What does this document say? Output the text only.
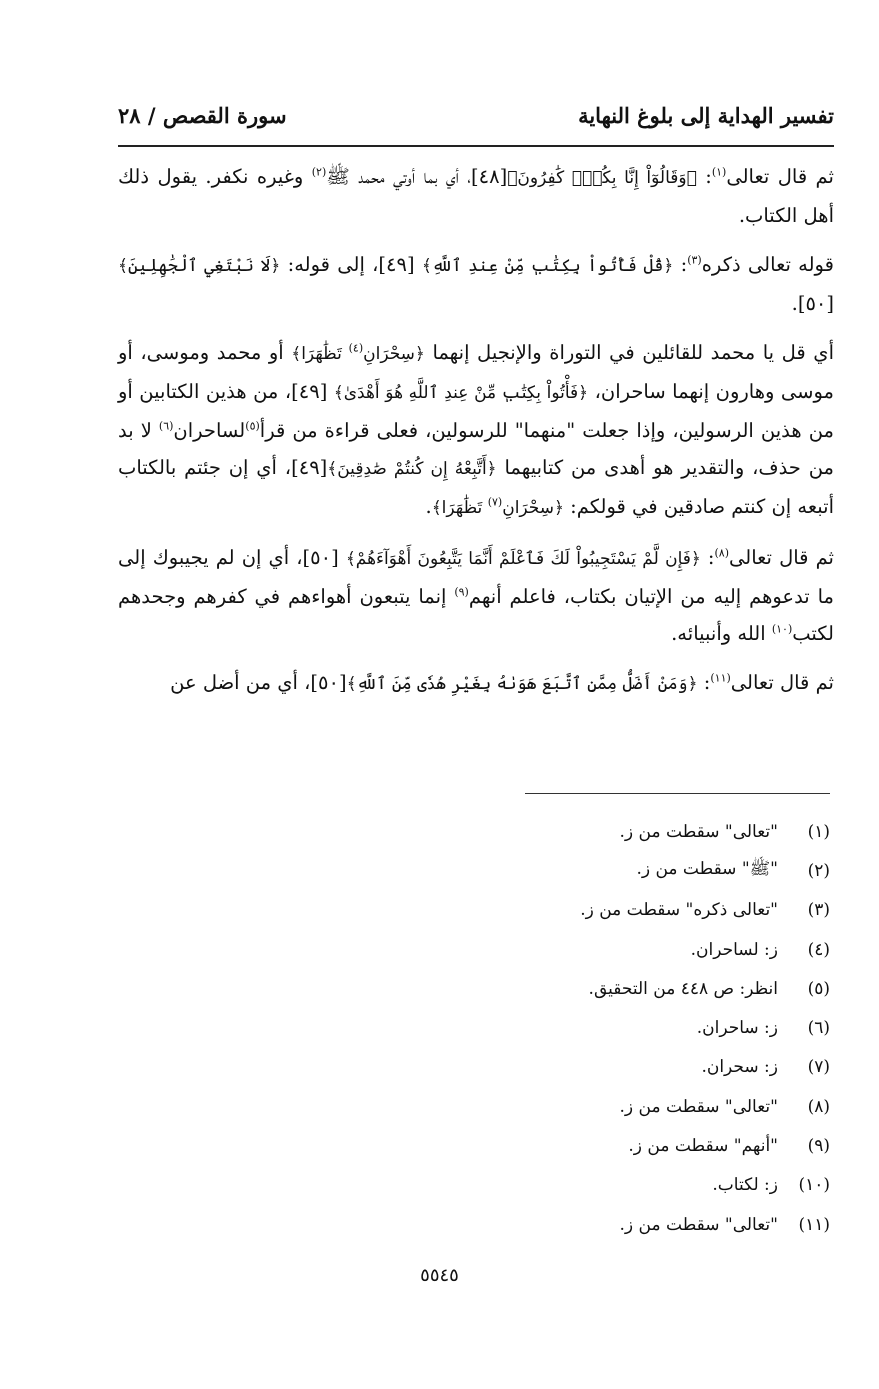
تفسير الهداية إلى بلوغ النهاية
سورة القصص / ٢٨

ثم قال تعالى$^{(١)}$: ﴿وَقَالُوٓاْ إِنَّا بِكُلّٖ كَٰفِرُونَ﴾[٤٨]، أي بما أوتي محمد ﷺ$^{(٢)}$ وغيره نكفر. يقول ذلك أهل الكتاب.

قوله تعالى ذكره$^{(٣)}$: ﴿قُلْ فَأْتُواْ بِكِتَٰبٖ مِّنْ عِندِ ٱللَّهِ﴾ [٤٩]، إلى قوله: ﴿لَا نَبْتَغِي ٱلْجَٰهِلِينَ﴾ [٥٠].

أي قل يا محمد للقائلين في التوراة والإنجيل إنهما ﴿سِحْرَانِ$^{(٤)}$ تَظَٰهَرَا﴾ أو محمد وموسى، أو موسى وهارون إنهما ساحران، ﴿فَأْتُواْ بِكِتَٰبٖ مِّنْ عِندِ ٱللَّهِ هُوَ أَهْدَىٰ﴾ [٤٩]، من هذين الكتابين أو من هذين الرسولين، وإذا جعلت "منهما" للرسولين، فعلى قراءة من قرأ$^{(٥)}$لساحران$^{(٦)}$ لا بد من حذف، والتقدير هو أهدى من كتابيهما ﴿أَتَّبِعْهُ إِن كُنتُمْ صَٰدِقِينَ﴾[٤٩]، أي إن جئتم بالكتاب أتبعه إن كنتم صادقين في قولكم: ﴿سِحْرَانِ$^{(٧)}$ تَظَٰهَرَا﴾.

ثم قال تعالى$^{(٨)}$: ﴿فَإِن لَّمْ يَسْتَجِيبُواْ لَكَ فَٱعْلَمْ أَنَّمَا يَتَّبِعُونَ أَهْوَآءَهُمْ﴾ [٥٠]، أي إن لم يجيبوك إلى ما تدعوهم إليه من الإتيان بكتاب، فاعلم أنهم$^{(٩)}$ إنما يتبعون أهواءهم في كفرهم وجحدهم لكتب$^{(١٠)}$ الله وأنبيائه.

ثم قال تعالى$^{(١١)}$: ﴿وَمَنْ أَضَلُّ مِمَّنِ ٱتَّبَعَ هَوَىٰهُ بِغَيْرِ هُدٗى مِّنَ ٱللَّهِ﴾[٥٠]، أي من أضل عن

(١)
"تعالى" سقطت من ز.
(٢)
"ﷺ" سقطت من ز.
(٣)
"تعالى ذكره" سقطت من ز.
(٤)
ز: لساحران.
(٥)
انظر: ص ٤٤٨ من التحقيق.
(٦)
ز: ساحران.
(٧)
ز: سحران.
(٨)
"تعالى" سقطت من ز.
(٩)
"أنهم" سقطت من ز.
(١٠)
ز: لكتاب.
(١١)
"تعالى" سقطت من ز.
٥٥٤٥
